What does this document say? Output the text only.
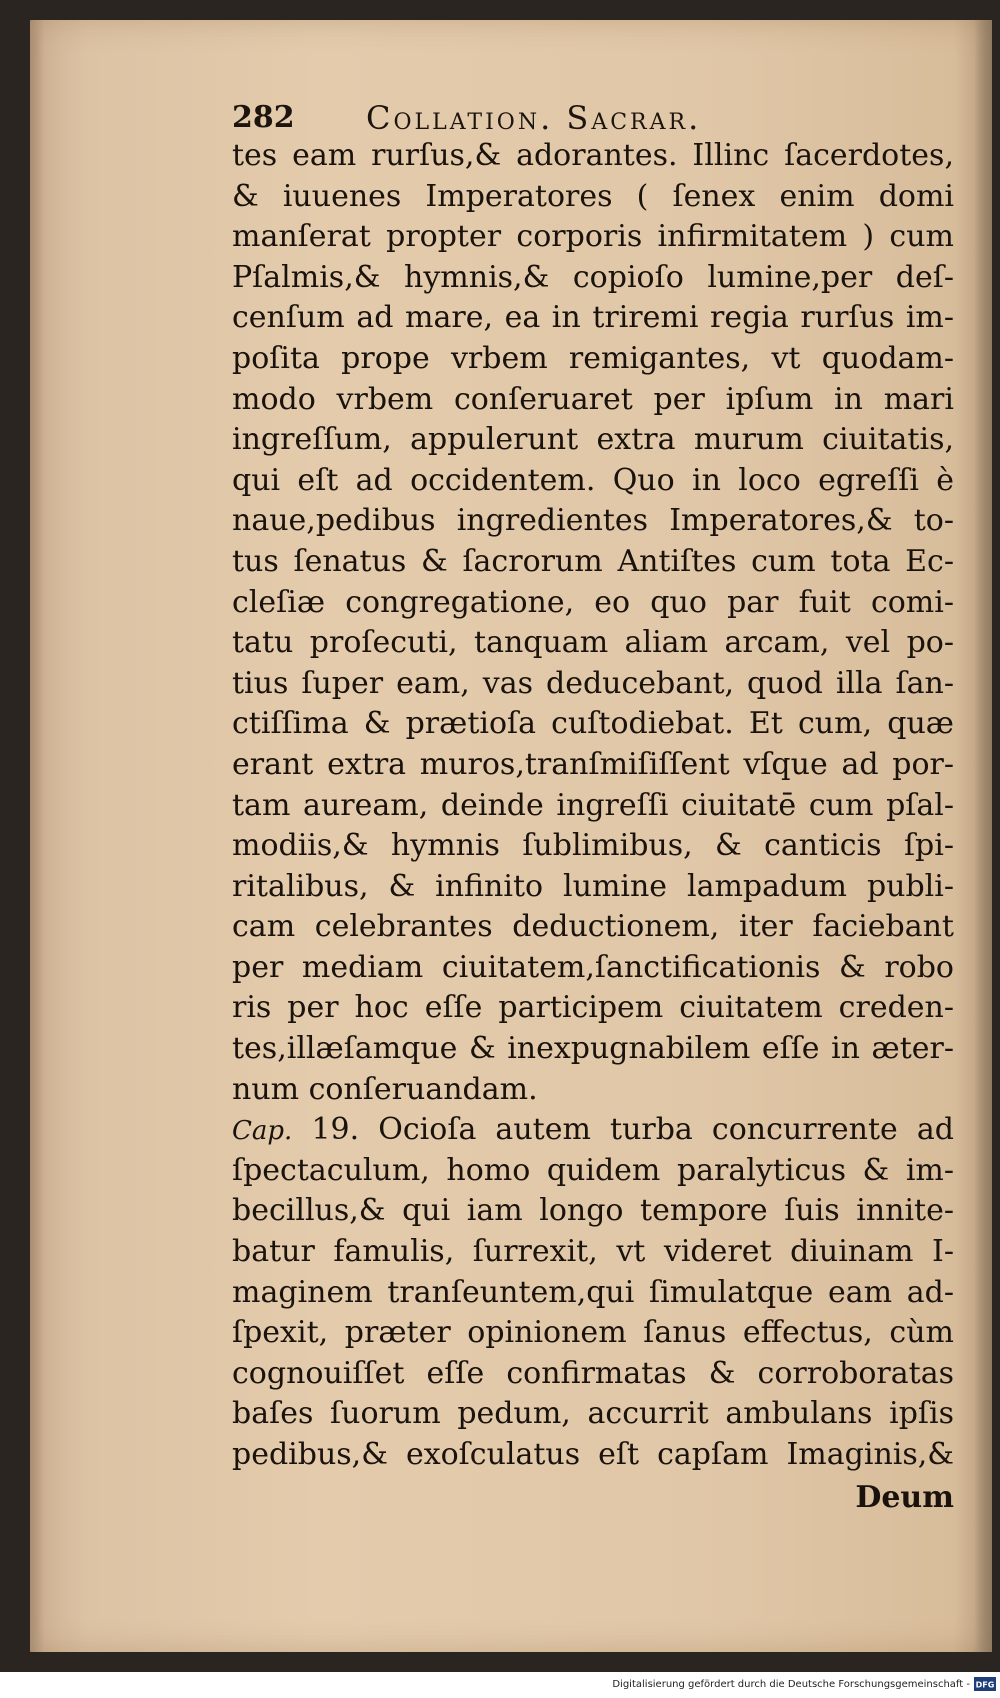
282 Collation. Sacrar.
tes eam rurſus,& adorantes. Illinc ſacerdotes,
& iuuenes Imperatores ( ſenex enim domi
manſerat propter corporis infirmitatem ) cum
Pſalmis,& hymnis,& copioſo lumine,per deſ-
cenſum ad mare, ea in triremi regia rurſus im-
poſita prope vrbem remigantes, vt quodam-
modo vrbem conſeruaret per ipſum in mari
ingreſſum, appulerunt extra murum ciuitatis,
qui eſt ad occidentem. Quo in loco egreſſi è
naue,pedibus ingredientes Imperatores,& to-
tus ſenatus & ſacrorum Antiſtes cum tota Ec-
cleſiæ congregatione, eo quo par fuit comi-
tatu proſecuti, tanquam aliam arcam, vel po-
tius ſuper eam, vas deducebant, quod illa ſan-
ctiſſima & prætioſa cuſtodiebat. Et cum, quæ
erant extra muros,tranſmiſiſſent vſque ad por-
tam auream, deinde ingreſſi ciuitatē cum pſal-
modiis,& hymnis ſublimibus, & canticis ſpi-
ritalibus, & infinito lumine lampadum publi-
cam celebrantes deductionem, iter faciebant
per mediam ciuitatem,ſanctificationis & robo
ris per hoc eſſe participem ciuitatem creden-
tes,illæſamque & inexpugnabilem eſſe in æter-
num conſeruandam.
Cap. 19. Ocioſa autem turba concurrente ad
ſpectaculum, homo quidem paralyticus & im-
becillus,& qui iam longo tempore ſuis innite-
batur famulis, ſurrexit, vt videret diuinam I-
maginem tranſeuntem,qui ſimulatque eam ad-
ſpexit, præter opinionem ſanus effectus, cùm
cognouiſſet eſſe confirmatas & corroboratas
baſes ſuorum pedum, accurrit ambulans ipſis
pedibus,& exoſculatus eſt capſam Imaginis,&
Deum
Digitalisierung gefördert durch die Deutsche Forschungsgemeinschaft - DFG
